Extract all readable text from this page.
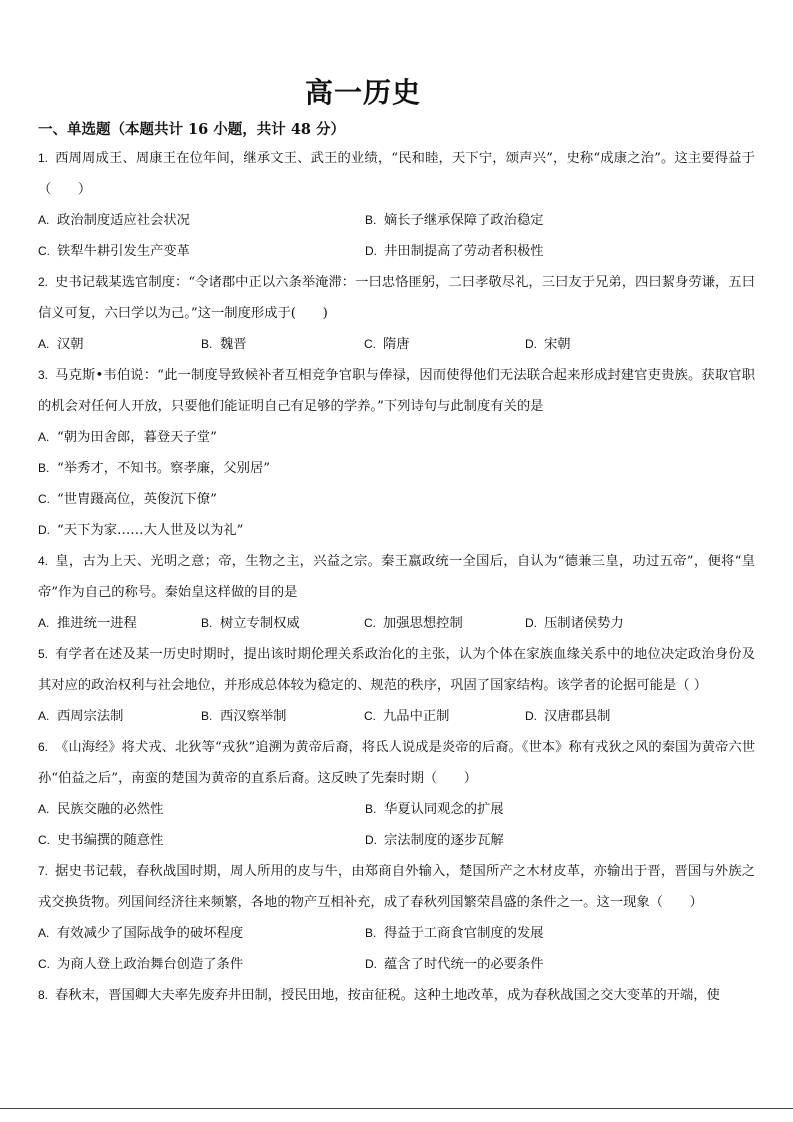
高一历史
一、单选题（本题共计 16 小题，共计 48 分）

1. 西周周成王、周康王在位年间，继承文王、武王的业绩，“民和睦，天下宁，颂声兴”，史称“成康之治”。这主要得益于（　　）

A. 政治制度适应社会状况	B. 嫡长子继承保障了政治稳定
C. 铁犁牛耕引发生产变革	D. 井田制提高了劳动者积极性

2. 史书记载某选官制度：“令诸郡中正以六条举淹滞：一曰忠恪匪躬，二曰孝敬尽礼，三曰友于兄弟，四曰絜身劳谦，五曰信义可复，六曰学以为己。”这一制度形成于(　　)

A. 汉朝	B. 魏晋	C. 隋唐	D. 宋朝

3. 马克斯•韦伯说：“此一制度导致候补者互相竞争官职与俸禄，因而使得他们无法联合起来形成封建官吏贵族。获取官职的机会对任何人开放，只要他们能证明自己有足够的学养。”下列诗句与此制度有关的是

A. “朝为田舍郎，暮登天子堂”
B. “举秀才，不知书。察孝廉，父别居”
C. “世胄蹑高位，英俊沉下僚”
D. “天下为家……大人世及以为礼”

4. 皇，古为上天、光明之意；帝，生物之主，兴益之宗。秦王嬴政统一全国后，自认为“德兼三皇，功过五帝”，便将“皇帝”作为自己的称号。秦始皇这样做的目的是

A. 推进统一进程	B. 树立专制权威	C. 加强思想控制	D. 压制诸侯势力

5. 有学者在述及某一历史时期时，提出该时期伦理关系政治化的主张，认为个体在家族血缘关系中的地位决定政治身份及其对应的政治权利与社会地位，并形成总体较为稳定的、规范的秩序，巩固了国家结构。该学者的论据可能是（ ）

A. 西周宗法制	B. 西汉察举制	C. 九品中正制	D. 汉唐郡县制

6. 《山海经》将犬戎、北狄等“戎狄”追溯为黄帝后裔，将氐人说成是炎帝的后裔。《世本》称有戎狄之风的秦国为黄帝六世孙“伯益之后”，南蛮的楚国为黄帝的直系后裔。这反映了先秦时期（　　）

A. 民族交融的必然性	B. 华夏认同观念的扩展
C. 史书编撰的随意性	D. 宗法制度的逐步瓦解

7. 据史书记载，春秋战国时期，周人所用的皮与牛，由郑商自外输入，楚国所产之木材皮革，亦输出于晋，晋国与外族之戎交换货物。列国间经济往来频繁，各地的物产互相补充，成了春秋列国繁荣昌盛的条件之一。这一现象（　　）

A. 有效减少了国际战争的破坏程度	B. 得益于工商食官制度的发展
C. 为商人登上政治舞台创造了条件	D. 蕴含了时代统一的必要条件

8. 春秋末，晋国卿大夫率先废弃井田制，授民田地，按亩征税。这种土地改革，成为春秋战国之交大变革的开端，使
